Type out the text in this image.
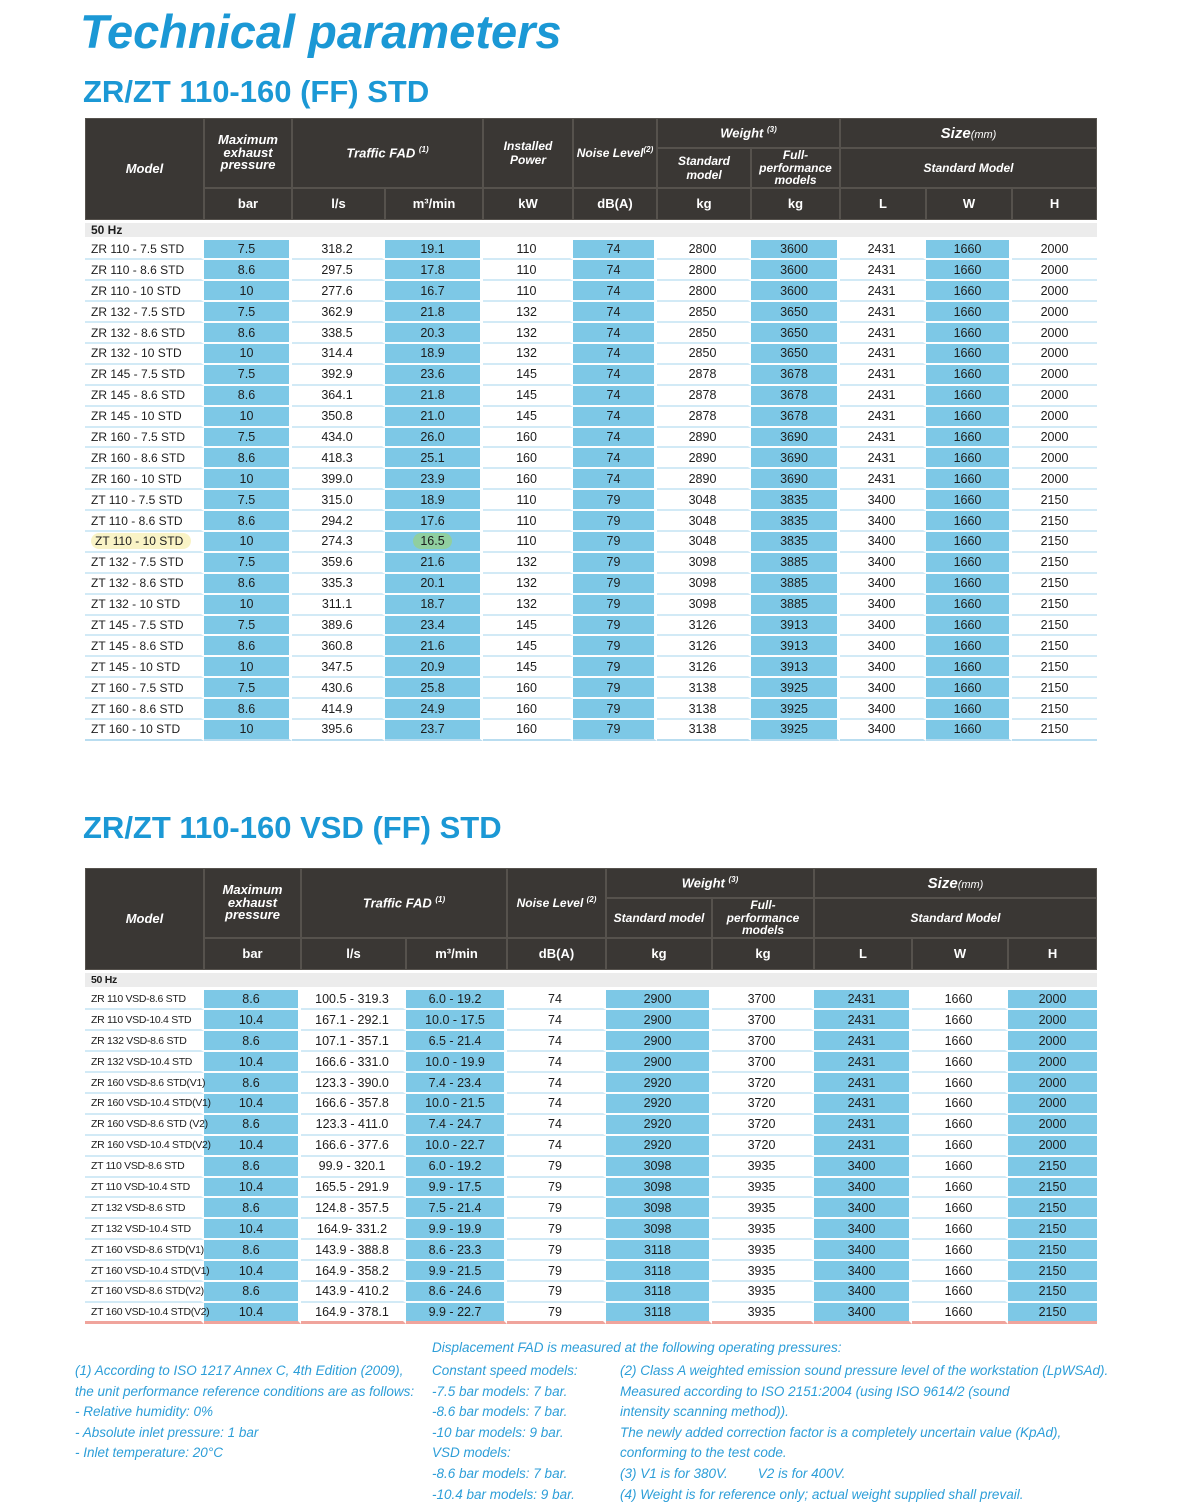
Technical parameters
ZR/ZT 110-160 (FF) STD
Model	Maximum exhaust pressure	Traffic FAD $^{(1)}$		Installed Power	Noise Level$^{(2)}$	Weight $^{(3)}$		Size(mm)		
						Standard model	Full-performance models	Standard Model		
	bar	l/s	m³/min	kW	dB(A)	kg	kg	L	W	H
50 Hz										
ZR 110 - 7.5 STD	7.5	318.2	19.1	110	74	2800	3600	2431	1660	2000
ZR 110 - 8.6 STD	8.6	297.5	17.8	110	74	2800	3600	2431	1660	2000
ZR 110 - 10 STD	10	277.6	16.7	110	74	2800	3600	2431	1660	2000
ZR 132 - 7.5 STD	7.5	362.9	21.8	132	74	2850	3650	2431	1660	2000
ZR 132 - 8.6 STD	8.6	338.5	20.3	132	74	2850	3650	2431	1660	2000
ZR 132 - 10 STD	10	314.4	18.9	132	74	2850	3650	2431	1660	2000
ZR 145 - 7.5 STD	7.5	392.9	23.6	145	74	2878	3678	2431	1660	2000
ZR 145 - 8.6 STD	8.6	364.1	21.8	145	74	2878	3678	2431	1660	2000
ZR 145 - 10 STD	10	350.8	21.0	145	74	2878	3678	2431	1660	2000
ZR 160 - 7.5 STD	7.5	434.0	26.0	160	74	2890	3690	2431	1660	2000
ZR 160 - 8.6 STD	8.6	418.3	25.1	160	74	2890	3690	2431	1660	2000
ZR 160 - 10 STD	10	399.0	23.9	160	74	2890	3690	2431	1660	2000
ZT 110 - 7.5 STD	7.5	315.0	18.9	110	79	3048	3835	3400	1660	2150
ZT 110 - 8.6 STD	8.6	294.2	17.6	110	79	3048	3835	3400	1660	2150
ZT 110 - 10 STD	10	274.3	16.5	110	79	3048	3835	3400	1660	2150
ZT 132 - 7.5 STD	7.5	359.6	21.6	132	79	3098	3885	3400	1660	2150
ZT 132 - 8.6 STD	8.6	335.3	20.1	132	79	3098	3885	3400	1660	2150
ZT 132 - 10 STD	10	311.1	18.7	132	79	3098	3885	3400	1660	2150
ZT 145 - 7.5 STD	7.5	389.6	23.4	145	79	3126	3913	3400	1660	2150
ZT 145 - 8.6 STD	8.6	360.8	21.6	145	79	3126	3913	3400	1660	2150
ZT 145 - 10 STD	10	347.5	20.9	145	79	3126	3913	3400	1660	2150
ZT 160 - 7.5 STD	7.5	430.6	25.8	160	79	3138	3925	3400	1660	2150
ZT 160 - 8.6 STD	8.6	414.9	24.9	160	79	3138	3925	3400	1660	2150
ZT 160 - 10 STD	10	395.6	23.7	160	79	3138	3925	3400	1660	2150
ZR/ZT 110-160 VSD (FF) STD
Model	Maximum exhaust pressure	Traffic FAD $^{(1)}$		Noise Level $^{(2)}$	Weight $^{(3)}$		Size(mm)		
					Standard model	Full-performance models	Standard Model		
	bar	l/s	m³/min	dB(A)	kg	kg	L	W	H
50 Hz									
ZR 110 VSD-8.6 STD	8.6	100.5 - 319.3	6.0 - 19.2	74	2900	3700	2431	1660	2000
ZR 110 VSD-10.4 STD	10.4	167.1 - 292.1	10.0 - 17.5	74	2900	3700	2431	1660	2000
ZR 132 VSD-8.6 STD	8.6	107.1 - 357.1	6.5 - 21.4	74	2900	3700	2431	1660	2000
ZR 132 VSD-10.4 STD	10.4	166.6 - 331.0	10.0 - 19.9	74	2900	3700	2431	1660	2000
ZR 160 VSD-8.6 STD(V1)	8.6	123.3 - 390.0	7.4 - 23.4	74	2920	3720	2431	1660	2000
ZR 160 VSD-10.4 STD(V1)	10.4	166.6 - 357.8	10.0 - 21.5	74	2920	3720	2431	1660	2000
ZR 160 VSD-8.6 STD (V2)	8.6	123.3 - 411.0	7.4 - 24.7	74	2920	3720	2431	1660	2000
ZR 160 VSD-10.4 STD(V2)	10.4	166.6 - 377.6	10.0 - 22.7	74	2920	3720	2431	1660	2000
ZT 110 VSD-8.6 STD	8.6	99.9 - 320.1	6.0 - 19.2	79	3098	3935	3400	1660	2150
ZT 110 VSD-10.4 STD	10.4	165.5 - 291.9	9.9 - 17.5	79	3098	3935	3400	1660	2150
ZT 132 VSD-8.6 STD	8.6	124.8 - 357.5	7.5 - 21.4	79	3098	3935	3400	1660	2150
ZT 132 VSD-10.4 STD	10.4	164.9- 331.2	9.9 - 19.9	79	3098	3935	3400	1660	2150
ZT 160 VSD-8.6 STD(V1)	8.6	143.9 - 388.8	8.6 - 23.3	79	3118	3935	3400	1660	2150
ZT 160 VSD-10.4 STD(V1)	10.4	164.9 - 358.2	9.9 - 21.5	79	3118	3935	3400	1660	2150
ZT 160 VSD-8.6 STD(V2)	8.6	143.9 - 410.2	8.6 - 24.6	79	3118	3935	3400	1660	2150
ZT 160 VSD-10.4 STD(V2)	10.4	164.9 - 378.1	9.9 - 22.7	79	3118	3935	3400	1660	2150
Displacement FAD is measured at the following operating pressures:
(1) According to ISO 1217 Annex C, 4th Edition (2009),
the unit performance reference conditions are as follows:
- Relative humidity: 0%
- Absolute inlet pressure: 1 bar
- Inlet temperature: 20°C
Constant speed models:
-7.5 bar models: 7 bar.
-8.6 bar models: 7 bar.
-10 bar models: 9 bar.
VSD models:
-8.6 bar models: 7 bar.
-10.4 bar models: 9 bar.
(2) Class A weighted emission sound pressure level of the workstation (LpWSAd).
Measured according to ISO 2151:2004 (using ISO 9614/2 (sound
intensity scanning method)).
The newly added correction factor is a completely uncertain value (KpAd),
conforming to the test code.
(3) V1 is for 380V.        V2 is for 400V.
(4) Weight is for reference only; actual weight supplied shall prevail.
